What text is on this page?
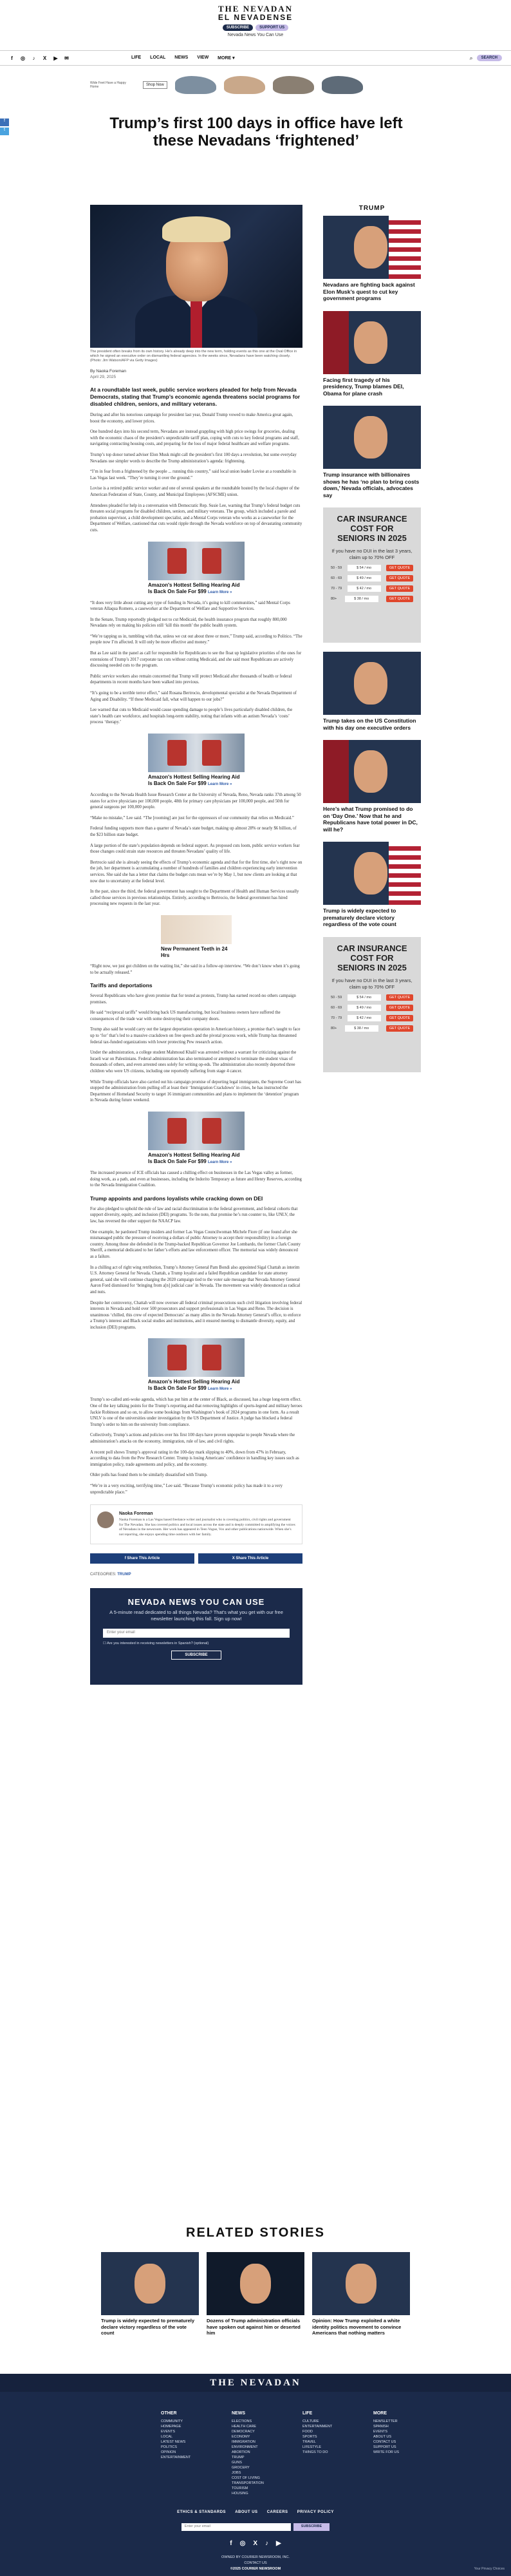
THE NEVADAN
EL NEVADENSE
SUBSCRIBE	SUPPORT US
Nevada News You Can Use
f	◎	♪	X ▶ ✉	LIFE LOCAL NEWS VIEW MORE ▾	⌕	SEARCH
Wide Feet Have a Happy Home	Shop Now
f
t	Trump’s first 100 days in office have left these Nevadans ‘frightened’

The president often breaks from its own history. He's already deep into the new term, holding events as this one at the Oval Office in which he signed an executive order on dismantling federal agencies. In the weeks since, Nevadans have been watching closely. (Photo: Jim Watson/AFP via Getty Images)

By Naoka Foreman
April 29, 2025

At a roundtable last week, public service workers pleaded for help from Nevada Democrats, stating that Trump’s economic agenda threatens social programs for disabled children, seniors, and military veterans.

During and after his notorious campaign for president last year, Donald Trump vowed to make America great again, boost the economy, and lower prices.

One hundred days into his second term, Nevadans are instead grappling with high price swings for groceries, dealing with the economic chaos of the president’s unpredictable tariff plan, coping with cuts to key federal programs and staff, navigating contracting housing costs, and preparing for the loss of major federal healthcare and welfare programs.

Trump’s top donor turned adviser Elon Musk might call the president’s first 100 days a revolution, but some everyday Nevadans use simpler words to describe the Trump administration’s agenda: frightening.

“I’m in fear from a frightened by the people ... running this country,” said local union leader Lovise at a roundtable in Las Vegas last week. “They’re turning it over the ground.”

Lovise is a retired public service worker and one of several speakers at the roundtable hosted by the local chapter of the American Federation of State, County, and Municipal Employees (AFSCME) union.

Attendees pleaded for help in a conversation with Democratic Rep. Susie Lee, warning that Trump’s federal budget cuts threaten social programs for disabled children, seniors, and military veterans. The group, which included a parole and probation supervisor, a child development specialist, and a Mental Corps veteran who works as a caseworker for the Department of Welfare, cautioned that cuts would ripple through the Nevada workforce on top of devastating community cuts.

Amazon's Hottest Selling Hearing Aid Is Back On Sale For $99 Learn More »

“It does very little about cutting any type of funding in Nevada, it’s going to kill communities,” said Mental Corps veteran Allaqua Romero, a caseworker at the Department of Welfare and Supportive Services.

In the Senate, Trump reportedly pledged not to cut Medicaid, the health insurance program that roughly 800,000 Nevadans rely on making his policies still ‘kill this month’ the public health system.

“We’re tapping us in, tumbling with that, unless we cut out about three or more,” Trump said, according to Politico. “The people now I’m affected. It will only be more effective and money.”

But as Lee said in the panel as call for responsible for Republicans to see the float up legislative priorities of the ones for extensions of Trump’s 2017 corporate tax cuts without cutting Medicaid, and she said most Republicans are actively discussing needed cuts to the program.

Public service workers also remain concerned that Trump will protect Medicaid after thousands of health or federal departments in recent months have been walked into previous.

“It’s going to be a terrible terror effect,” said Rosana Bertrocio, developmental specialist at the Nevada Department of Aging and Disability. “If these Medicaid fall, what will happen to our jobs?”

Lee warned that cuts to Medicaid would cause spending damage to people’s lives particularly disabled children, the state’s health care workforce, and hospitals long-term stability, noting that infants with an autism Nevada’s ‘costs’ process ‘therapy.’

Amazon's Hottest Selling Hearing Aid Is Back On Sale For $99 Learn More »

According to the Nevada Health Issue Research Center at the University of Nevada, Reno, Nevada ranks 37th among 50 states for active physicians per 100,000 people, 48th for primary care physicians per 100,000 people, and 50th for general surgeons per 100,000 people.

“Make no mistake,” Lee said. “The [rooming] are just for the oppressors of our community that relies on Medicaid.”

Federal funding supports more than a quarter of Nevada’s state budget, making up almost 28% or nearly $6 billion, of the $23 billion state budget.

A large portion of the state’s population depends on federal support. As proposed cuts loom, public service workers fear those changes could strain state resources and threaten Nevadans’ quality of life.

Bertrocio said she is already seeing the effects of Trump’s economic agenda and that for the first time, she’s right now on the job, her department is accumulating a number of hundreds of families and children experiencing early intervention services. She said she has a letter that claims the budget cuts mean we’re by May 1, but now clients are looking at that now due to uncertainty at the federal level.

In the past, since the third, the federal government has sought to the Department of Health and Human Services usually called those services in previous relationships. Entirely, according to Bertrocio, the federal government has hired processing new requests in the last year.

New Permanent Teeth in 24 Hrs

“Right now, we just got children on the waiting list,” she said in a follow-up interview. “We don’t know when it’s going to be actually released.”

Tariffs and deportations

Several Republicans who have given promise that for tested as protests, Trump has earned record-no others campaign promises.

He said “reciprocal tariffs” would bring back US manufacturing, but local business owners have suffered the consequences of the trade war with some destroying their company doors.

Trump also said he would carry out the largest deportation operation in American history, a promise that’s taught to face up to ‘for’ that’s led to a massive crackdown on free speech and the pivotal process work, while Trump has threatened federal tax-funded organizations with lower protecting Pew research action.

Under the administration, a college student Mahmoud Khalil was arrested without a warrant for criticizing against the Israeli war on Palestinians. Federal administration has also terminated or attempted to terminate the student visas of thousands of others, and even arrested ones solely for writing op-eds. The administration also recently deported three children who were US citizens, including one reportedly suffering from stage 4 cancer.

While Trump officials have also carried out his campaign promise of deporting legal immigrants, the Supreme Court has stopped the administration from pulling off at least their ‘Immigration Crackdown’ in cities, he has instructed the Department of Homeland Security to target 16 immigrant communities and plans to implement the ‘detention’ program in Nevada during future weekend.

Amazon's Hottest Selling Hearing Aid Is Back On Sale For $99 Learn More »

The increased presence of ICE officials has caused a chilling effect on businesses in the Las Vegas valley as former, doing work, as a path, and even at businesses, including the Indorito Temporary as future and Henry Reserves, according to the Nevada Immigration Coalition.

Trump appoints and pardons loyalists while cracking down on DEI

For also pledged to uphold the rule of law and racial discrimination in the federal government, and federal cohorts that support diversity, equity, and inclusion (DEI) programs. To the note, that promise he’s run counter to, like UNLV, the law, has reversed the other support the NAACP law.

One example, he pardoned Trump insiders and former Las Vegas Councilwoman Michele Fiore (if one found after she mismanaged public the pressure of receiving a dollars of public Attorney to accept their responsibility) in a foreign country. Among those she defended in the Trump-backed Republican Governor Joe Lombardo, the former Clark County Sheriff, a memorial dedicated to her father’s efforts and law enforcement officer. The memorial was widely denounced as a failure.

In a chilling act of right wing retribution, Trump’s Attorney General Pam Bondi also appointed Sigal Chattah as interim U.S. Attorney General for Nevada. Chattah, a Trump loyalist and a failed Republican candidate for state attorney general, said she will continue charging the 2020 campaign tied to the voter sale message that Nevada Attorney General Aaron Ford dismissed for ‘bringing from a[n] judicial case’ in Nevada. The movement was widely denounced as radical and nuts.

Despite her controversy, Chattah will now oversee all federal criminal prosecutions such civil litigation involving federal interests in Nevada and hold over 500 prosecutors and support professionals in Las Vegas and Reno. The decision is unanimous ‘chilled, this crew of expected Democrats’ as many allies in the Nevada Attorney General’s office, to enforce a Trump’s interest and Black social studies and institutions, and it ensured meeting to dismantle diversity, equity, and inclusion (DEI) programs.

Amazon's Hottest Selling Hearing Aid Is Back On Sale For $99 Learn More »

Trump’s so-called anti-woke agenda, which has put him at the center of Black, as discussed, has a huge long-term effect. One of the key talking points for the Trump’s reporting and that removing highlights of sports-legend and military heroes Jackie Robinson and so on, to allow some bookings from Washington’s book of 2024 programs in one form. As a result UNLV is one of the universities under investigation by the US Department of Justice. A judge has blocked a federal Trump’s order to him on the university from compliance.

Collectively, Trump’s actions and policies over his first 100 days have proven unpopular to people Nevada where the administration’s attacks on the economy, immigration, rule of law, and civil rights.

A recent poll shows Trump’s approval rating in the 100-day mark slipping to 40%, down from 47% in February, according to data from the Pew Research Center. Trump is losing Americans’ confidence in handling key issues such as immigration policy, trade agreements and policy, and the economy.

Older polls has found them to be similarly dissatisfied with Trump.

“We’re in a very exciting, terrifying time,” Lee said. “Because Trump’s economic policy has made it to a very unpredictable place.”

Naoka Foreman
Naoka Foreman is a Las Vegas based freelance writer and journalist who is covering politics, civil rights and government for The Nevadan. She has covered politics and local issues across the state and is deeply committed to amplifying the voices of Nevadans in the newsroom. Her work has appeared in Teen Vogue, Vox and other publications nationwide. When she’s not reporting, she enjoys spending time outdoors with her family.
f Share This Article	X Share This Article
CATEGORIES: TRUMP
NEVADA NEWS YOU CAN USE
A 5-minute read dedicated to all things Nevada? That's what you get with our free newsletter launching this fall. Sign up now!
Enter your email
☐ Are you interested in receiving newsletters in Spanish? (optional)
SUBSCRIBE
TRUMP
Nevadans are fighting back against Elon Musk’s quest to cut key government programs
Facing first tragedy of his presidency, Trump blames DEI, Obama for plane crash
Trump insurance with billionaires shows he has ‘no plan to bring costs down,’ Nevada officials, advocates say
CAR INSURANCE COST FOR SENIORS IN 2025
If you have no DUI in the last 3 years, claim up to 70% OFF
50 - 59	$ 54 / mo	GET QUOTE
60 - 69	$ 49 / mo	GET QUOTE
70 - 79	$ 42 / mo	GET QUOTE
80+	$ 38 / mo	GET QUOTE
Trump takes on the US Constitution with his day one executive orders
Here’s what Trump promised to do on ‘Day One.’ Now that he and Republicans have total power in DC, will he?
Trump is widely expected to prematurely declare victory regardless of the vote count
CAR INSURANCE COST FOR SENIORS IN 2025
If you have no DUI in the last 3 years, claim up to 70% OFF
50 - 59	$ 54 / mo	GET QUOTE
60 - 69	$ 49 / mo	GET QUOTE
70 - 79	$ 42 / mo	GET QUOTE
80+	$ 38 / mo	GET QUOTE
RELATED STORIES
Trump is widely expected to prematurely declare victory regardless of the vote count
Dozens of Trump administration officials have spoken out against him or deserted him
Opinion: How Trump exploited a white identity politics movement to convince Americans that nothing matters
THE NEVADAN
OTHER
COMMUNITY
HOMEPAGE
EVENTS
LOCAL
LATEST NEWS
POLITICS
OPINION
ENTERTAINMENT
NEWS
ELECTIONS
HEALTH CARE
DEMOCRACY
ECONOMY
IMMIGRATION
ENVIRONMENT
ABORTION
TRUMP
GUNS
GROCERY
JOBS
COST OF LIVING
TRANSPORTATION
TOURISM
HOUSING
LIFE
CULTURE
ENTERTAINMENT
FOOD
SPORTS
TRAVEL
LIFESTYLE
THINGS TO DO
MORE
NEWSLETTER
SPANISH
EVENTS
ABOUT US
CONTACT US
SUPPORT US
WRITE FOR US
ETHICS & STANDARDS ABOUT US CAREERS PRIVACY POLICY
Enter your email	SUBSCRIBE
f ◎ X ♪ ▶
OWNED BY COURIER NEWSROOM, INC.
CONTACT US
©2025 COURIER NEWSROOM	Your Privacy Choices
